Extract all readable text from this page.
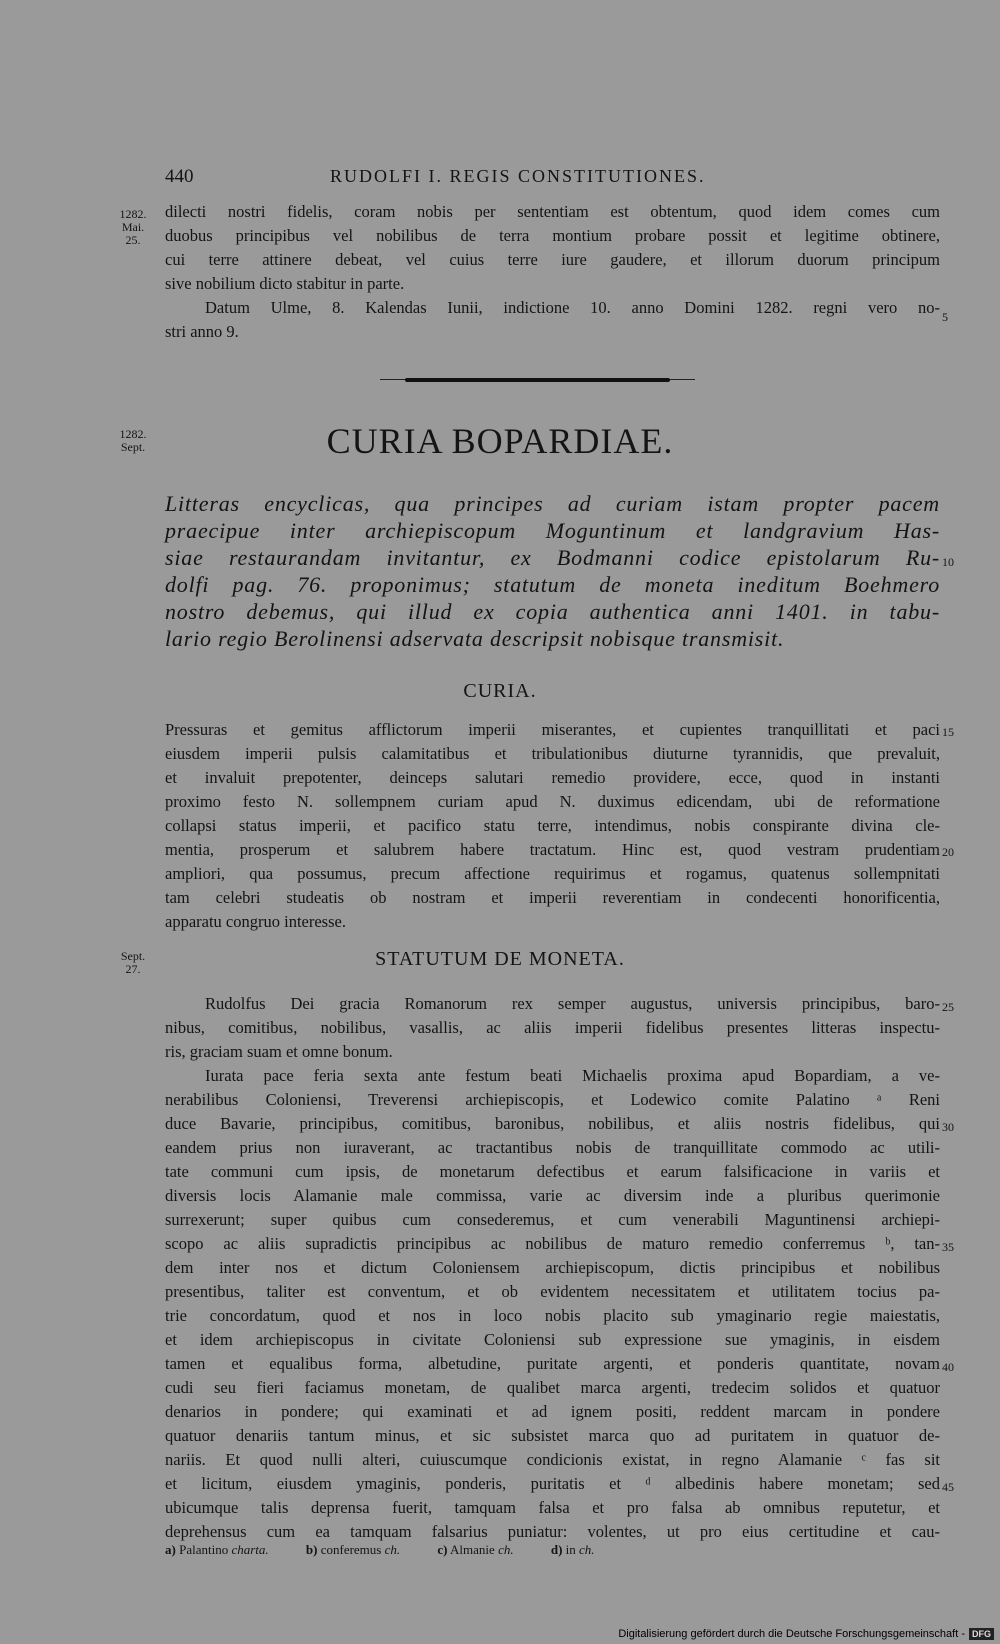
440	RUDOLFI I. REGIS CONSTITUTIONES.
1282.
Mai.
25.
dilecti nostri fidelis, coram nobis per sententiam est obtentum, quod idem comes cum
duobus principibus vel nobilibus de terra montium probare possit et legitime obtinere,
cui terre attinere debeat, vel cuius terre iure gaudere, et illorum duorum principum
sive nobilium dicto stabitur in parte.
Datum Ulme, 8. Kalendas Iunii, indictione 10. anno Domini 1282. regni vero no-
stri anno 9.
5
1282.
Sept.	CURIA BOPARDIAE.
Litteras encyclicas, qua principes ad curiam istam propter pacem
praecipue inter archiepiscopum Moguntinum et landgravium Has-
siae restaurandam invitantur, ex Bodmanni codice epistolarum Ru-
dolfi pag. 76. proponimus; statutum de moneta ineditum Boehmero
nostro debemus, qui illud ex copia authentica anni 1401. in tabu-
lario regio Berolinensi adservata descripsit nobisque transmisit.
10
CURIA.
Pressuras et gemitus afflictorum imperii miserantes, et cupientes tranquillitati et paci
eiusdem imperii pulsis calamitatibus et tribulationibus diuturne tyrannidis, que prevaluit,
et invaluit prepotenter, deinceps salutari remedio providere, ecce, quod in instanti
proximo festo N. sollempnem curiam apud N. duximus edicendam, ubi de reformatione
collapsi status imperii, et pacifico statu terre, intendimus, nobis conspirante divina cle-
mentia, prosperum et salubrem habere tractatum. Hinc est, quod vestram prudentiam
ampliori, qua possumus, precum affectione requirimus et rogamus, quatenus sollempnitati
tam celebri studeatis ob nostram et imperii reverentiam in condecenti honorificentia,
apparatu congruo interesse.
15
20
Sept.
27.	STATUTUM DE MONETA.
Rudolfus Dei gracia Romanorum rex semper augustus, universis principibus, baro-
nibus, comitibus, nobilibus, vasallis, ac aliis imperii fidelibus presentes litteras inspectu-
ris, graciam suam et omne bonum.
Iurata pace feria sexta ante festum beati Michaelis proxima apud Bopardiam, a ve-
nerabilibus Coloniensi, Treverensi archiepiscopis, et Lodewico comite Palatino ᵃ Reni
duce Bavarie, principibus, comitibus, baronibus, nobilibus, et aliis nostris fidelibus, qui
eandem prius non iuraverant, ac tractantibus nobis de tranquillitate commodo ac utili-
tate communi cum ipsis, de monetarum defectibus et earum falsificacione in variis et
diversis locis Alamanie male commissa, varie ac diversim inde a pluribus querimonie
surrexerunt; super quibus cum consederemus, et cum venerabili Maguntinensi archiepi-
scopo ac aliis supradictis principibus ac nobilibus de maturo remedio conferremus ᵇ, tan-
dem inter nos et dictum Coloniensem archiepiscopum, dictis principibus et nobilibus
presentibus, taliter est conventum, et ob evidentem necessitatem et utilitatem tocius pa-
trie concordatum, quod et nos in loco nobis placito sub ymaginario regie maiestatis,
et idem archiepiscopus in civitate Coloniensi sub expressione sue ymaginis, in eisdem
tamen et equalibus forma, albetudine, puritate argenti, et ponderis quantitate, novam
cudi seu fieri faciamus monetam, de qualibet marca argenti, tredecim solidos et quatuor
denarios in pondere; qui examinati et ad ignem positi, reddent marcam in pondere
quatuor denariis tantum minus, et sic subsistet marca quo ad puritatem in quatuor de-
nariis. Et quod nulli alteri, cuiuscumque condicionis existat, in regno Alamanie ᶜ fas sit
et licitum, eiusdem ymaginis, ponderis, puritatis et ᵈ albedinis habere monetam; sed
ubicumque talis deprensa fuerit, tamquam falsa et pro falsa ab omnibus reputetur, et
deprehensus cum ea tamquam falsarius puniatur: volentes, ut pro eius certitudine et cau-
25
30
35
40
45
a) Palantino charta.	b) conferemus ch.	c) Almanie ch.	d) in ch.
Digitalisierung gefördert durch die Deutsche Forschungsgemeinschaft - DFG
